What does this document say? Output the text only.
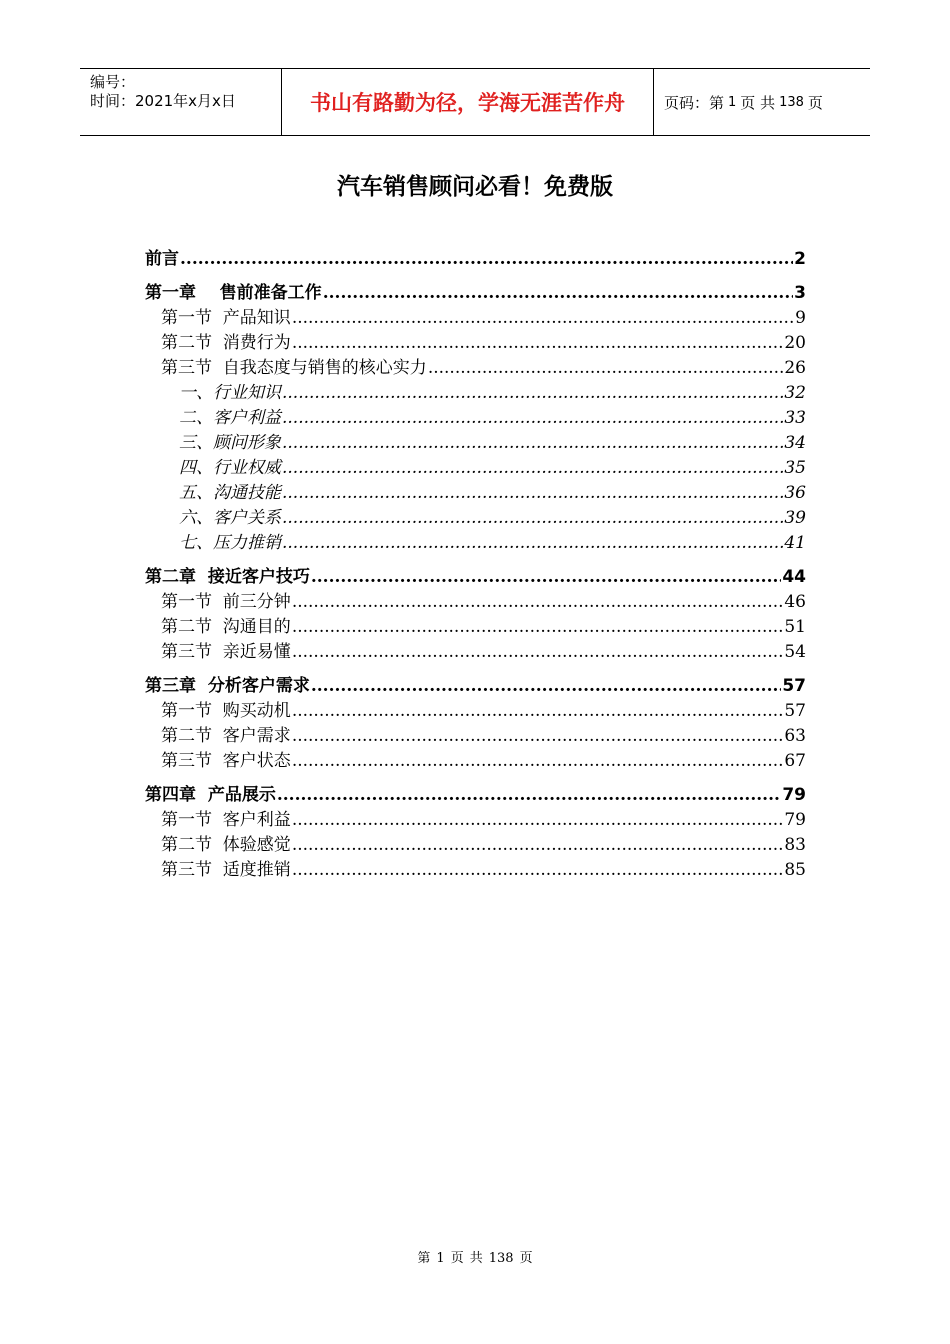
编号：
时间：2021年x月x日	书山有路勤为径，学海无涯苦作舟	页码：第 1 页 共 138 页
汽车销售顾问必看！免费版
前言 .....	2
第一章    售前准备工作 .....	3
第一节  产品知识 .....	9
第二节  消费行为 .....	20
第三节  自我态度与销售的核心实力 .....	26
一、行业知识 .....	32
二、客户利益 .....	33
三、顾问形象 .....	34
四、行业权威 .....	35
五、沟通技能 .....	36
六、客户关系 .....	39
七、压力推销 .....	41
第二章  接近客户技巧 .....	44
第一节  前三分钟 .....	46
第二节  沟通目的 .....	51
第三节  亲近易懂 .....	54
第三章  分析客户需求 .....	57
第一节  购买动机 .....	57
第二节  客户需求 .....	63
第三节  客户状态 .....	67
第四章  产品展示 .....	79
第一节  客户利益 .....	79
第二节  体验感觉 .....	83
第三节  适度推销 .....	85
第 1 页 共 138 页
